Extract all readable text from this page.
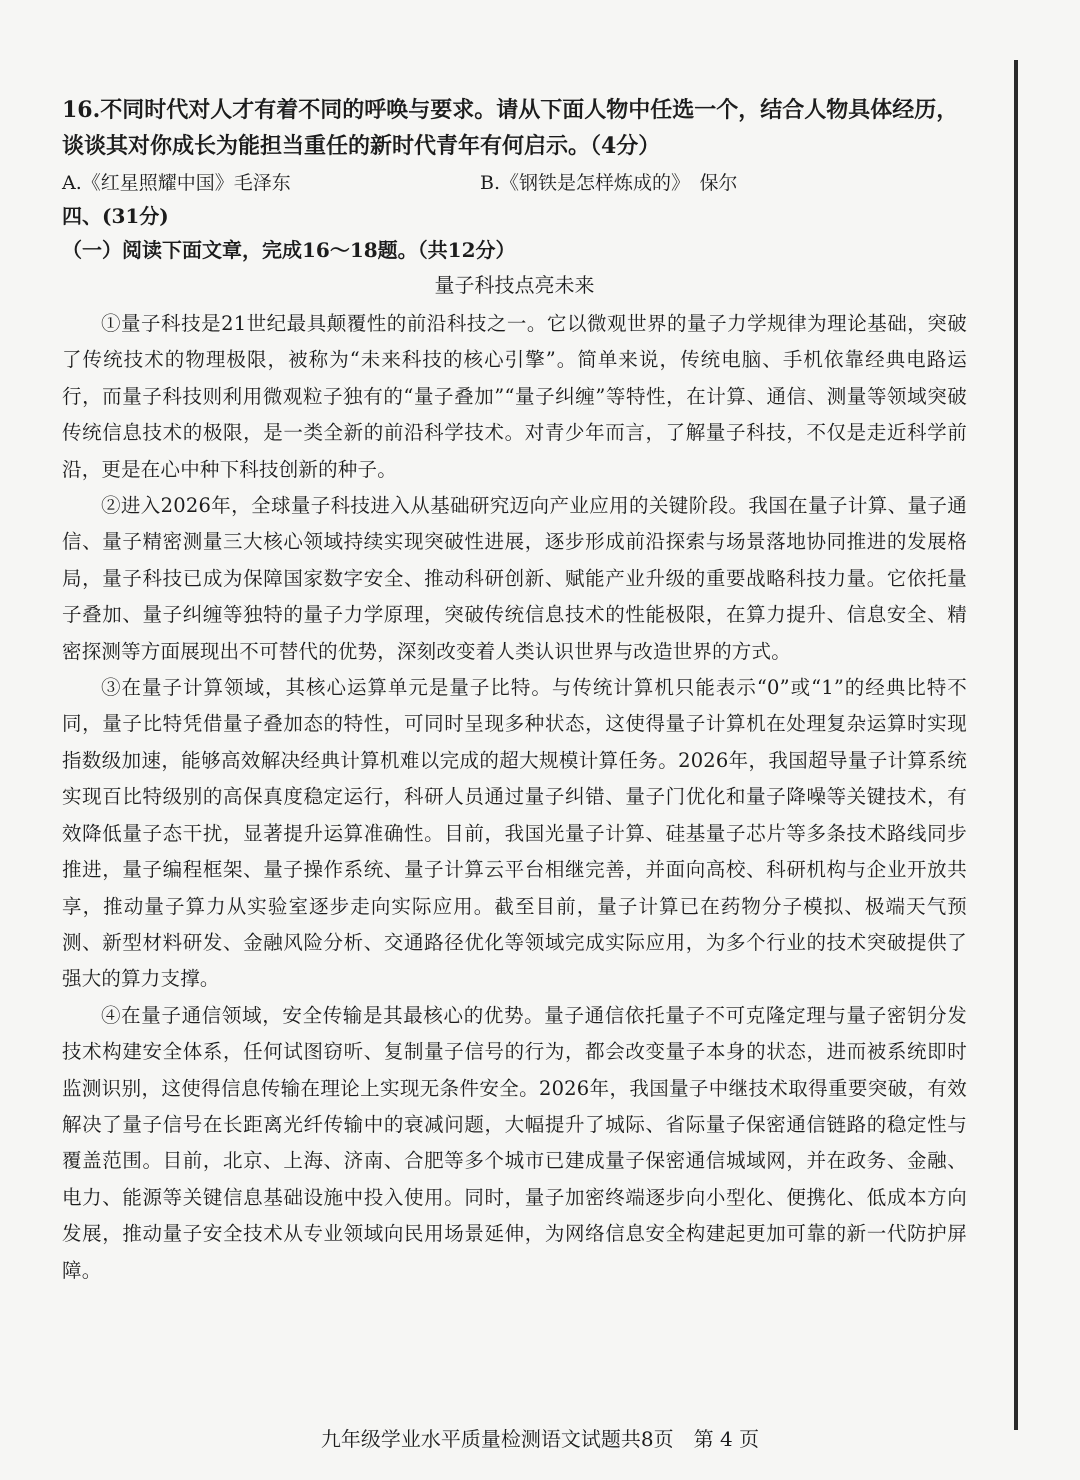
16.不同时代对人才有着不同的呼唤与要求。请从下面人物中任选一个，结合人物具体经历，谈谈其对你成长为能担当重任的新时代青年有何启示。（4分）

A.《红星照耀中国》毛泽东	B.《钢铁是怎样炼成的》　保尔
四、(31分)
（一）阅读下面文章，完成16～18题。（共12分）
量子科技点亮未来

①量子科技是21世纪最具颠覆性的前沿科技之一。它以微观世界的量子力学规律为理论基础，突破了传统技术的物理极限，被称为“未来科技的核心引擎”。简单来说，传统电脑、手机依靠经典电路运行，而量子科技则利用微观粒子独有的“量子叠加”“量子纠缠”等特性，在计算、通信、测量等领域突破传统信息技术的极限，是一类全新的前沿科学技术。对青少年而言，了解量子科技，不仅是走近科学前沿，更是在心中种下科技创新的种子。

②进入2026年，全球量子科技进入从基础研究迈向产业应用的关键阶段。我国在量子计算、量子通信、量子精密测量三大核心领域持续实现突破性进展，逐步形成前沿探索与场景落地协同推进的发展格局，量子科技已成为保障国家数字安全、推动科研创新、赋能产业升级的重要战略科技力量。它依托量子叠加、量子纠缠等独特的量子力学原理，突破传统信息技术的性能极限，在算力提升、信息安全、精密探测等方面展现出不可替代的优势，深刻改变着人类认识世界与改造世界的方式。

③在量子计算领域，其核心运算单元是量子比特。与传统计算机只能表示“0”或“1”的经典比特不同，量子比特凭借量子叠加态的特性，可同时呈现多种状态，这使得量子计算机在处理复杂运算时实现指数级加速，能够高效解决经典计算机难以完成的超大规模计算任务。2026年，我国超导量子计算系统实现百比特级别的高保真度稳定运行，科研人员通过量子纠错、量子门优化和量子降噪等关键技术，有效降低量子态干扰，显著提升运算准确性。目前，我国光量子计算、硅基量子芯片等多条技术路线同步推进，量子编程框架、量子操作系统、量子计算云平台相继完善，并面向高校、科研机构与企业开放共享，推动量子算力从实验室逐步走向实际应用。截至目前，量子计算已在药物分子模拟、极端天气预测、新型材料研发、金融风险分析、交通路径优化等领域完成实际应用，为多个行业的技术突破提供了强大的算力支撑。

④在量子通信领域，安全传输是其最核心的优势。量子通信依托量子不可克隆定理与量子密钥分发技术构建安全体系，任何试图窃听、复制量子信号的行为，都会改变量子本身的状态，进而被系统即时监测识别，这使得信息传输在理论上实现无条件安全。2026年，我国量子中继技术取得重要突破，有效解决了量子信号在长距离光纤传输中的衰减问题，大幅提升了城际、省际量子保密通信链路的稳定性与覆盖范围。目前，北京、上海、济南、合肥等多个城市已建成量子保密通信城域网，并在政务、金融、电力、能源等关键信息基础设施中投入使用。同时，量子加密终端逐步向小型化、便携化、低成本方向发展，推动量子安全技术从专业领域向民用场景延伸，为网络信息安全构建起更加可靠的新一代防护屏障。

九年级学业水平质量检测语文试题共8页　第 4 页
